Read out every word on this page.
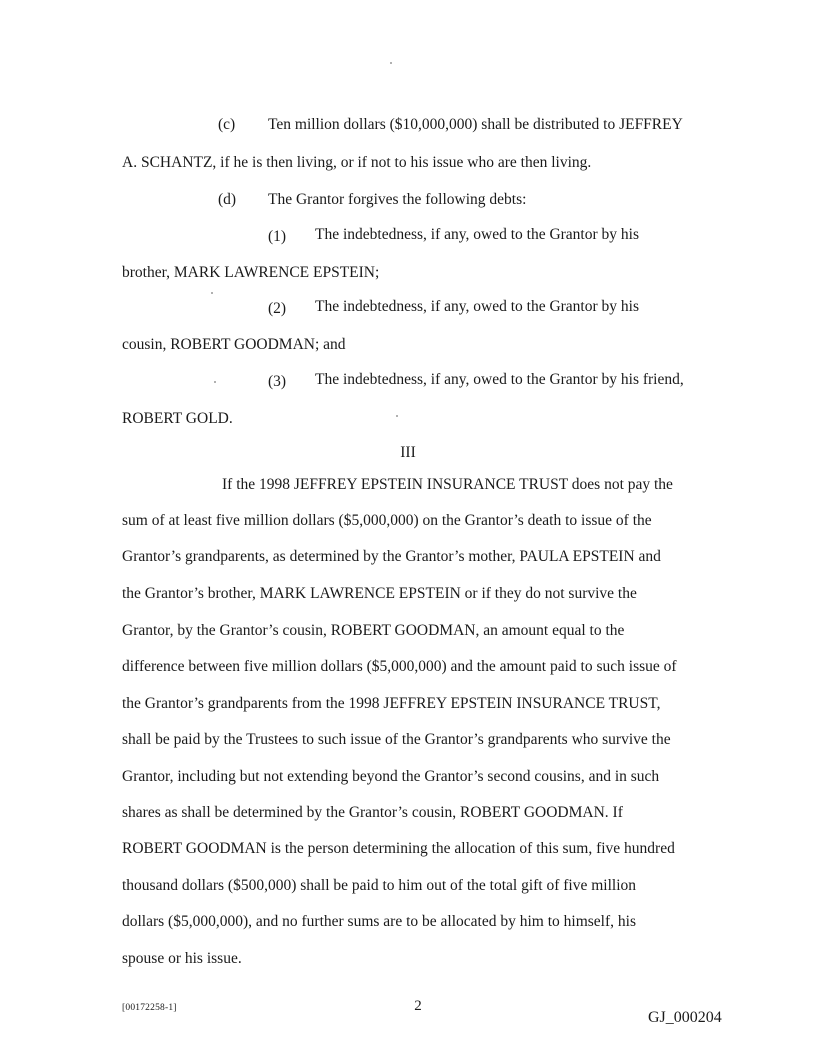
(c) Ten million dollars ($10,000,000) shall be distributed to JEFFREY
A. SCHANTZ, if he is then living, or if not to his issue who are then living.
(d) The Grantor forgives the following debts:
(1) The indebtedness, if any, owed to the Grantor by his
brother, MARK LAWRENCE EPSTEIN;
(2) The indebtedness, if any, owed to the Grantor by his
cousin, ROBERT GOODMAN; and
(3) The indebtedness, if any, owed to the Grantor by his friend,
ROBERT GOLD.
III
If the 1998 JEFFREY EPSTEIN INSURANCE TRUST does not pay the
sum of at least five million dollars ($5,000,000) on the Grantor’s death to issue of the
Grantor’s grandparents, as determined by the Grantor’s mother, PAULA EPSTEIN and
the Grantor’s brother, MARK LAWRENCE EPSTEIN or if they do not survive the
Grantor, by the Grantor’s cousin, ROBERT GOODMAN, an amount equal to the
difference between five million dollars ($5,000,000) and the amount paid to such issue of
the Grantor’s grandparents from the 1998 JEFFREY EPSTEIN INSURANCE TRUST,
shall be paid by the Trustees to such issue of the Grantor’s grandparents who survive the
Grantor, including but not extending beyond the Grantor’s second cousins, and in such
shares as shall be determined by the Grantor’s cousin, ROBERT GOODMAN. If
ROBERT GOODMAN is the person determining the allocation of this sum, five hundred
thousand dollars ($500,000) shall be paid to him out of the total gift of five million
dollars ($5,000,000), and no further sums are to be allocated by him to himself, his
spouse or his issue.
[00172258-1]	2
GJ_000204
